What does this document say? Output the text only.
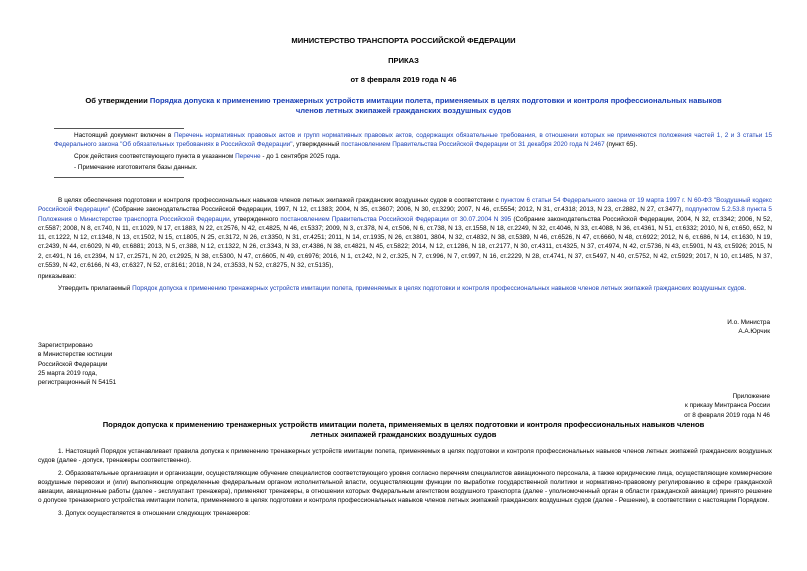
МИНИСТЕРСТВО ТРАНСПОРТА РОССИЙСКОЙ ФЕДЕРАЦИИ
ПРИКАЗ
от 8 февраля 2019 года N 46
Об утверждении Порядка допуска к применению тренажерных устройств имитации полета, применяемых в целях подготовки и контроля профессиональных навыков членов летных экипажей гражданских воздушных судов
Настоящий документ включен в Перечень нормативных правовых актов и групп нормативных правовых актов, содержащих обязательные требования, в отношении которых не применяются положения частей 1, 2 и 3 статьи 15 Федерального закона "Об обязательных требованиях в Российской Федерации", утвержденный постановлением Правительства Российской Федерации от 31 декабря 2020 года N 2467 (пункт 65).
Срок действия соответствующего пункта в указанном Перечне - до 1 сентября 2025 года.
- Примечание изготовителя базы данных.
В целях обеспечения подготовки и контроля профессиональных навыков членов летных экипажей гражданских воздушных судов в соответствии с пунктом 6 статьи 54 Федерального закона от 19 марта 1997 г. N 60-ФЗ "Воздушный кодекс Российской Федерации" (Собрание законодательства Российской Федерации, 1997, N 12, ст.1383; 2004, N 35, ст.3607; 2006, N 30, ст.3290; 2007, N 46, ст.5554; 2012, N 31, ст.4318; 2013, N 23, ст.2882, N 27, ст.3477), подпунктом 5.2.53.8 пункта 5 Положения о Министерстве транспорта Российской Федерации, утвержденного постановлением Правительства Российской Федерации от 30.07.2004 N 395 (Собрание законодательства Российской Федерации, 2004, N 32, ст.3342; 2006, N 52, ст.5587; 2008, N 8, ст.740, N 11, ст.1029, N 17, ст.1883, N 22, ст.2576, N 42, ст.4825, N 46, ст.5337; 2009, N 3, ст.378, N 4, ст.506, N 6, ст.738, N 13, ст.1558, N 18, ст.2249, N 32, ст.4046, N 33, ст.4088, N 36, ст.4361, N 51, ст.6332; 2010, N 6, ст.650, 652, N 11, ст.1222, N 12, ст.1348, N 13, ст.1502, N 15, ст.1805, N 25, ст.3172, N 26, ст.3350, N 31, ст.4251; 2011, N 14, ст.1935, N 26, ст.3801, 3804, N 32, ст.4832, N 38, ст.5389, N 46, ст.6526, N 47, ст.6660, N 48, ст.6922; 2012, N 6, ст.686, N 14, ст.1630, N 19, ст.2439, N 44, ст.6029, N 49, ст.6881; 2013, N 5, ст.388, N 12, ст.1322, N 26, ст.3343, N 33, ст.4386, N 38, ст.4821, N 45, ст.5822; 2014, N 12, ст.1286, N 18, ст.2177, N 30, ст.4311, ст.4325, N 37, ст.4974, N 42, ст.5736, N 43, ст.5901, N 43, ст.5926; 2015, N 2, ст.491, N 16, ст.2394, N 17, ст.2571, N 20, ст.2925, N 38, ст.5300, N 47, ст.6605, N 49, ст.6976; 2016, N 1, ст.242, N 2, ст.325, N 7, ст.996, N 7, ст.997, N 16, ст.2229, N 28, ст.4741, N 37, ст.5497, N 40, ст.5752, N 42, ст.5929; 2017, N 10, ст.1485, N 37, ст.5539, N 42, ст.6166, N 43, ст.6327, N 52, ст.8161; 2018, N 24, ст.3533, N 52, ст.8275, N 32, ст.5135),
приказываю:
Утвердить прилагаемый Порядок допуска к применению тренажерных устройств имитации полета, применяемых в целях подготовки и контроля профессиональных навыков членов летных экипажей гражданских воздушных судов.
И.о. Министра
А.А.Юрчик
Зарегистрировано
в Министерстве юстиции
Российской Федерации
25 марта 2019 года,
регистрационный N 54151
Приложение
к приказу Минтранса России
от 8 февраля 2019 года N 46
Порядок допуска к применению тренажерных устройств имитации полета, применяемых в целях подготовки и контроля профессиональных навыков членов летных экипажей гражданских воздушных судов
1. Настоящий Порядок устанавливает правила допуска к применению тренажерных устройств имитации полета, применяемых в целях подготовки и контроля профессиональных навыков членов летных экипажей гражданских воздушных судов (далее - допуск, тренажеры соответственно).
2. Образовательные организации и организации, осуществляющие обучение специалистов соответствующего уровня согласно перечням специалистов авиационного персонала, а также юридические лица, осуществляющие коммерческие воздушные перевозки и (или) выполняющие определенные федеральным органом исполнительной власти, осуществляющим функции по выработке государственной политики и нормативно-правовому регулированию в сфере гражданской авиации, авиационные работы (далее - эксплуатант тренажера), применяют тренажеры, в отношении которых Федеральным агентством воздушного транспорта (далее - уполномоченный орган в области гражданской авиации) принято решение о допуске тренажерного устройства имитации полета, применяемого в целях подготовки и контроля профессиональных навыков членов летных экипажей гражданских воздушных судов (далее - Решение), в соответствии с настоящим Порядком.
3. Допуск осуществляется в отношении следующих тренажеров:
